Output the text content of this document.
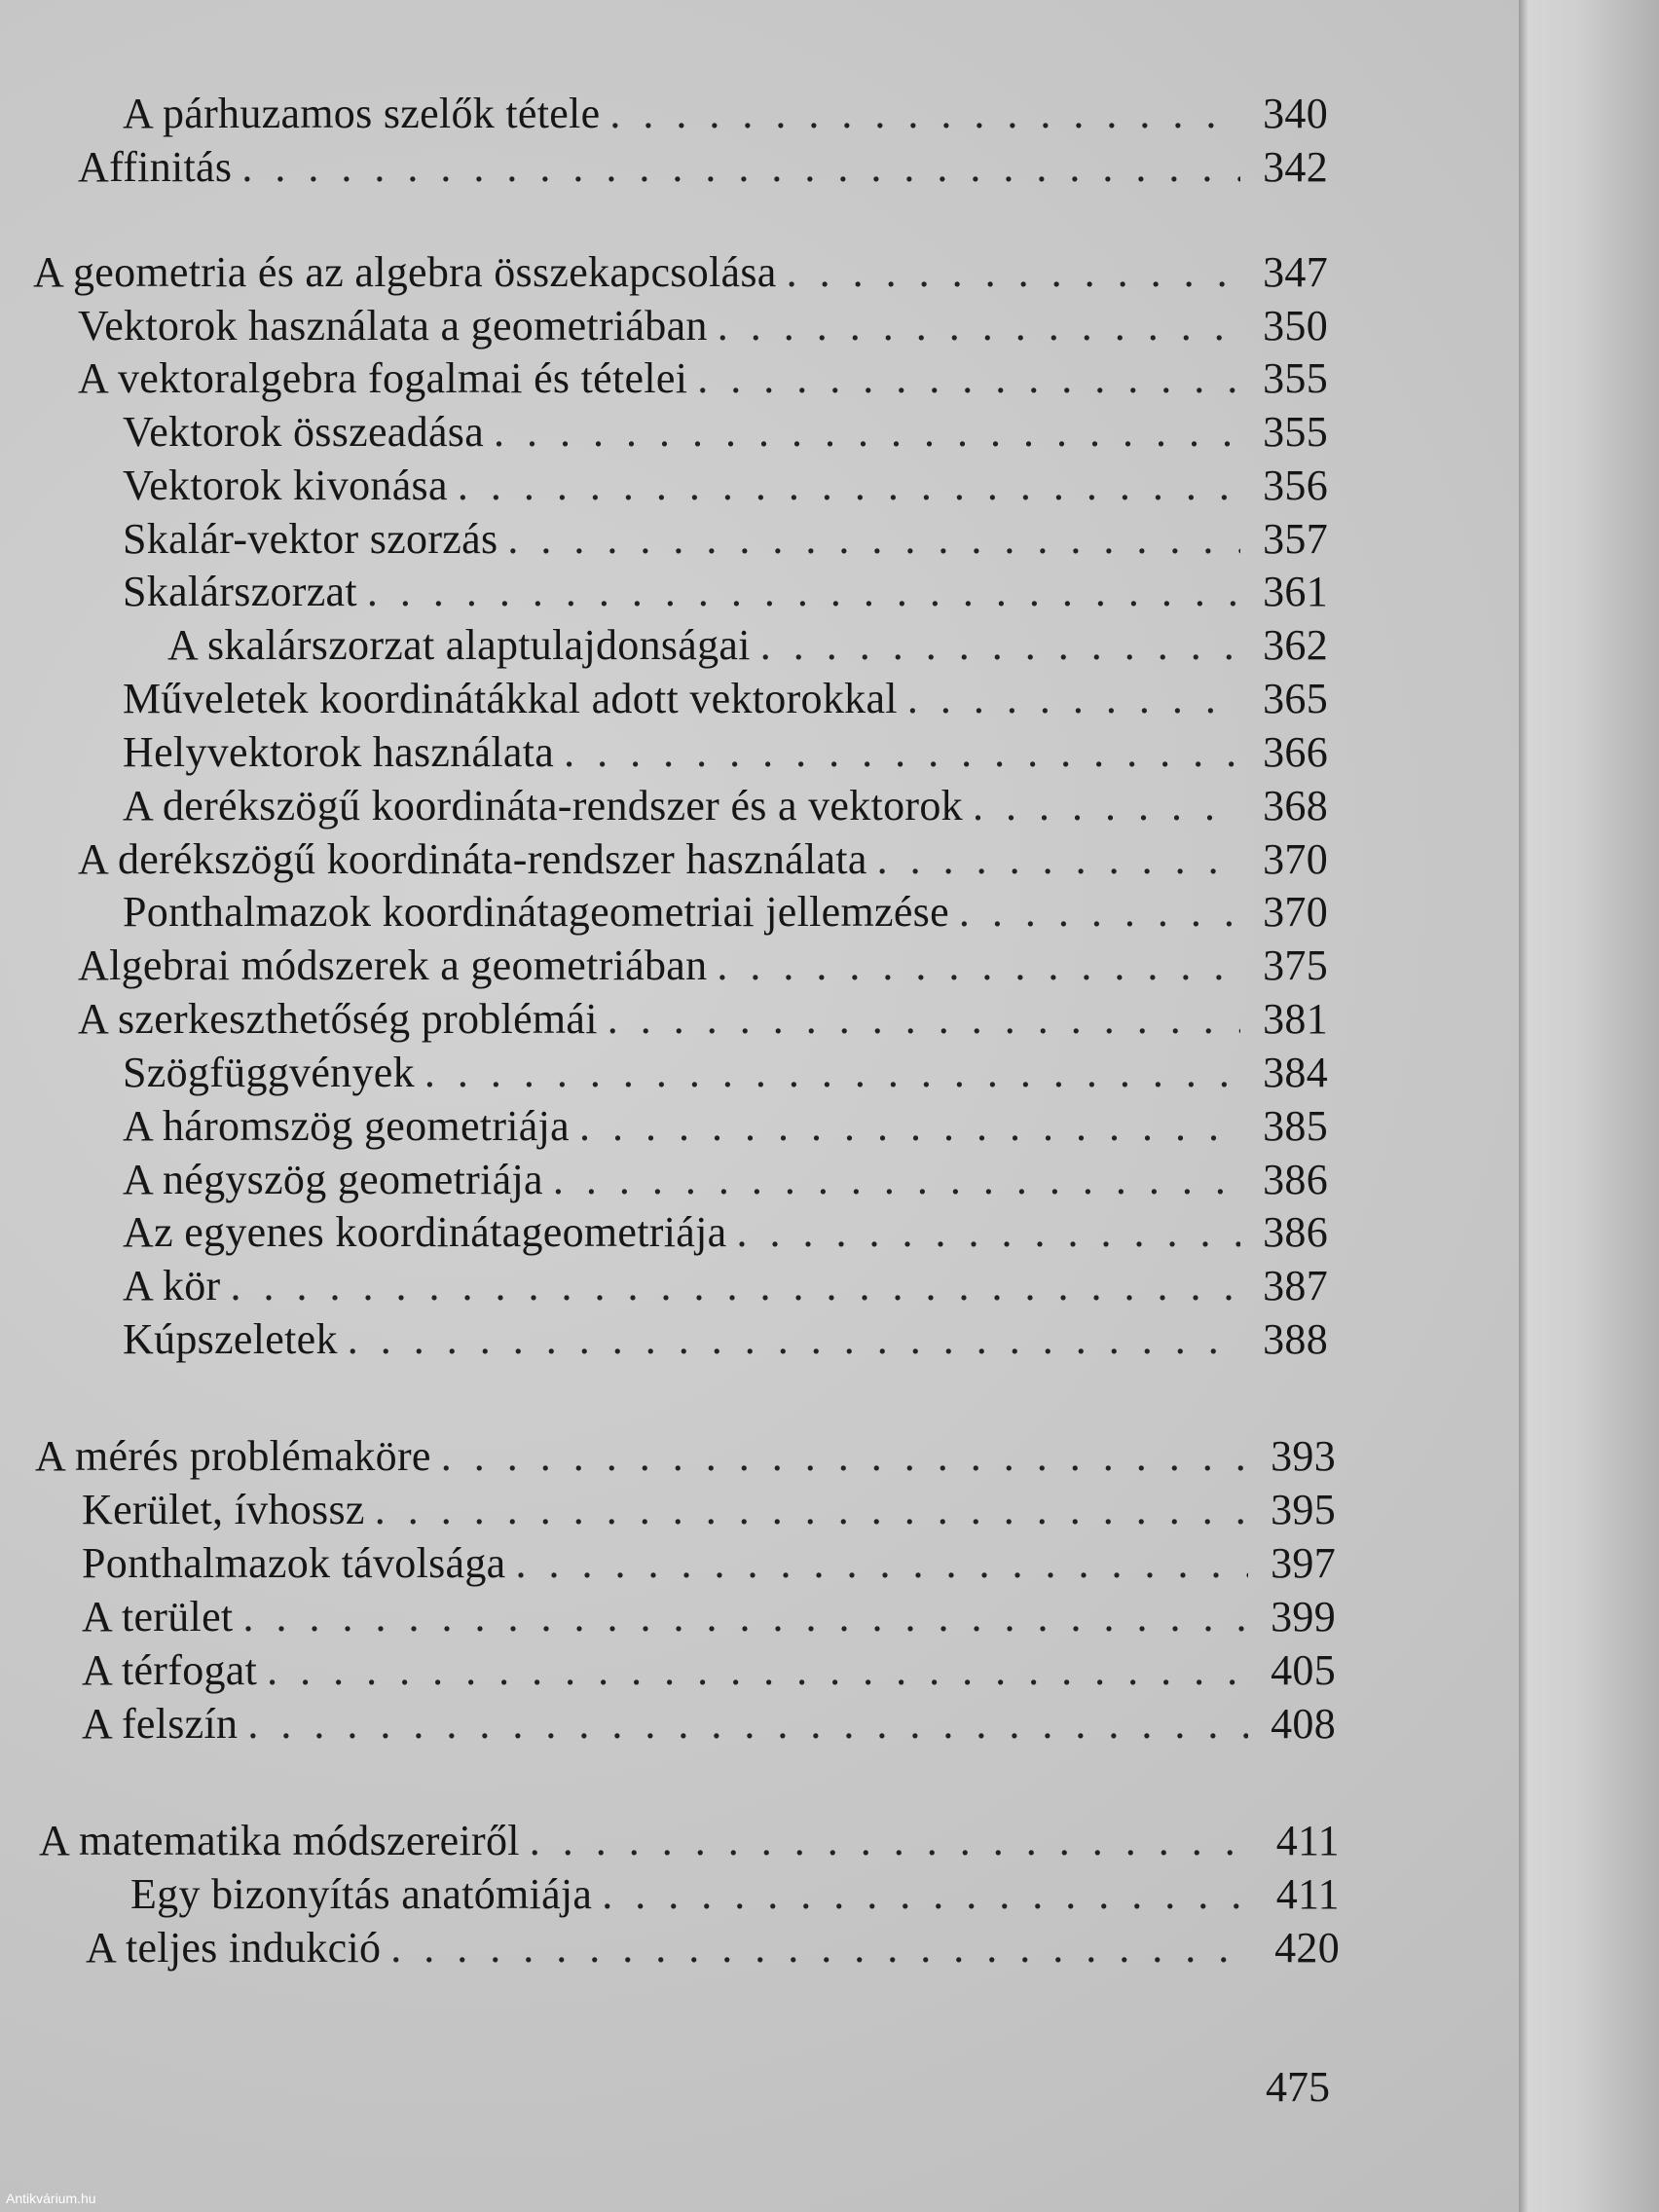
A párhuzamos szelők tétele . . .	340
Affinitás . . .	342
A geometria és az algebra összekapcsolása . . .	347
Vektorok használata a geometriában . . .	350
A vektoralgebra fogalmai és tételei . . .	355
Vektorok összeadása . . .	355
Vektorok kivonása . . .	356
Skalár-vektor szorzás . . .	357
Skalárszorzat . . .	361
A skalárszorzat alaptulajdonságai . . .	362
Műveletek koordinátákkal adott vektorokkal . . .	365
Helyvektorok használata . . .	366
A derékszögű koordináta-rendszer és a vektorok . . .	368
A derékszögű koordináta-rendszer használata . . .	370
Ponthalmazok koordinátageometriai jellemzése . . .	370
Algebrai módszerek a geometriában . . .	375
A szerkeszthetőség problémái . . .	381
Szögfüggvények . . .	384
A háromszög geometriája . . .	385
A négyszög geometriája . . .	386
Az egyenes koordinátageometriája . . .	386
A kör . . .	387
Kúpszeletek . . .	388
A mérés problémaköre . . .	393
Kerület, ívhossz . . .	395
Ponthalmazok távolsága . . .	397
A terület . . .	399
A térfogat . . .	405
A felszín . . .	408
A matematika módszereiről . . .	411
Egy bizonyítás anatómiája . . .	411
A teljes indukció . . .	420
475
Antikvárium.hu
